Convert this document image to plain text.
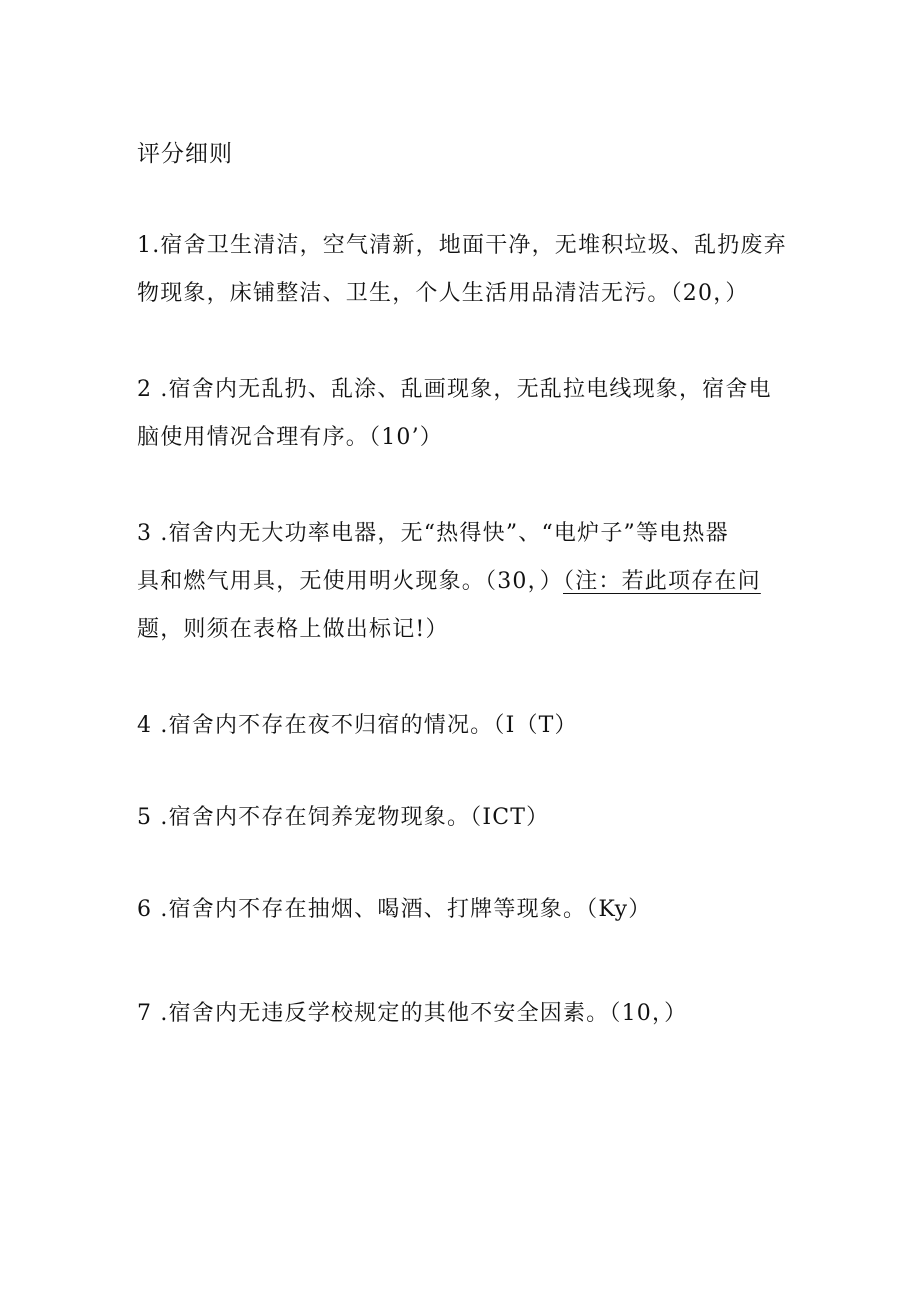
评分细则

1.宿舍卫生清洁，空气清新，地面干净，无堆积垃圾、乱扔废弃

物现象，床铺整洁、卫生，个人生活用品清洁无污。（20，）

2 .宿舍内无乱扔、乱涂、乱画现象，无乱拉电线现象，宿舍电

脑使用情况合理有序。（10’）

3 .宿舍内无大功率电器，无“热得快”、“电炉子”等电热器

具和燃气用具，无使用明火现象。（30，）（注：若此项存在问

题，则须在表格上做出标记!）

4 .宿舍内不存在夜不归宿的情况。（I（T）

5 .宿舍内不存在饲养宠物现象。（ICT）

6 .宿舍内不存在抽烟、喝酒、打牌等现象。（Ky）

7 .宿舍内无违反学校规定的其他不安全因素。（10，）
